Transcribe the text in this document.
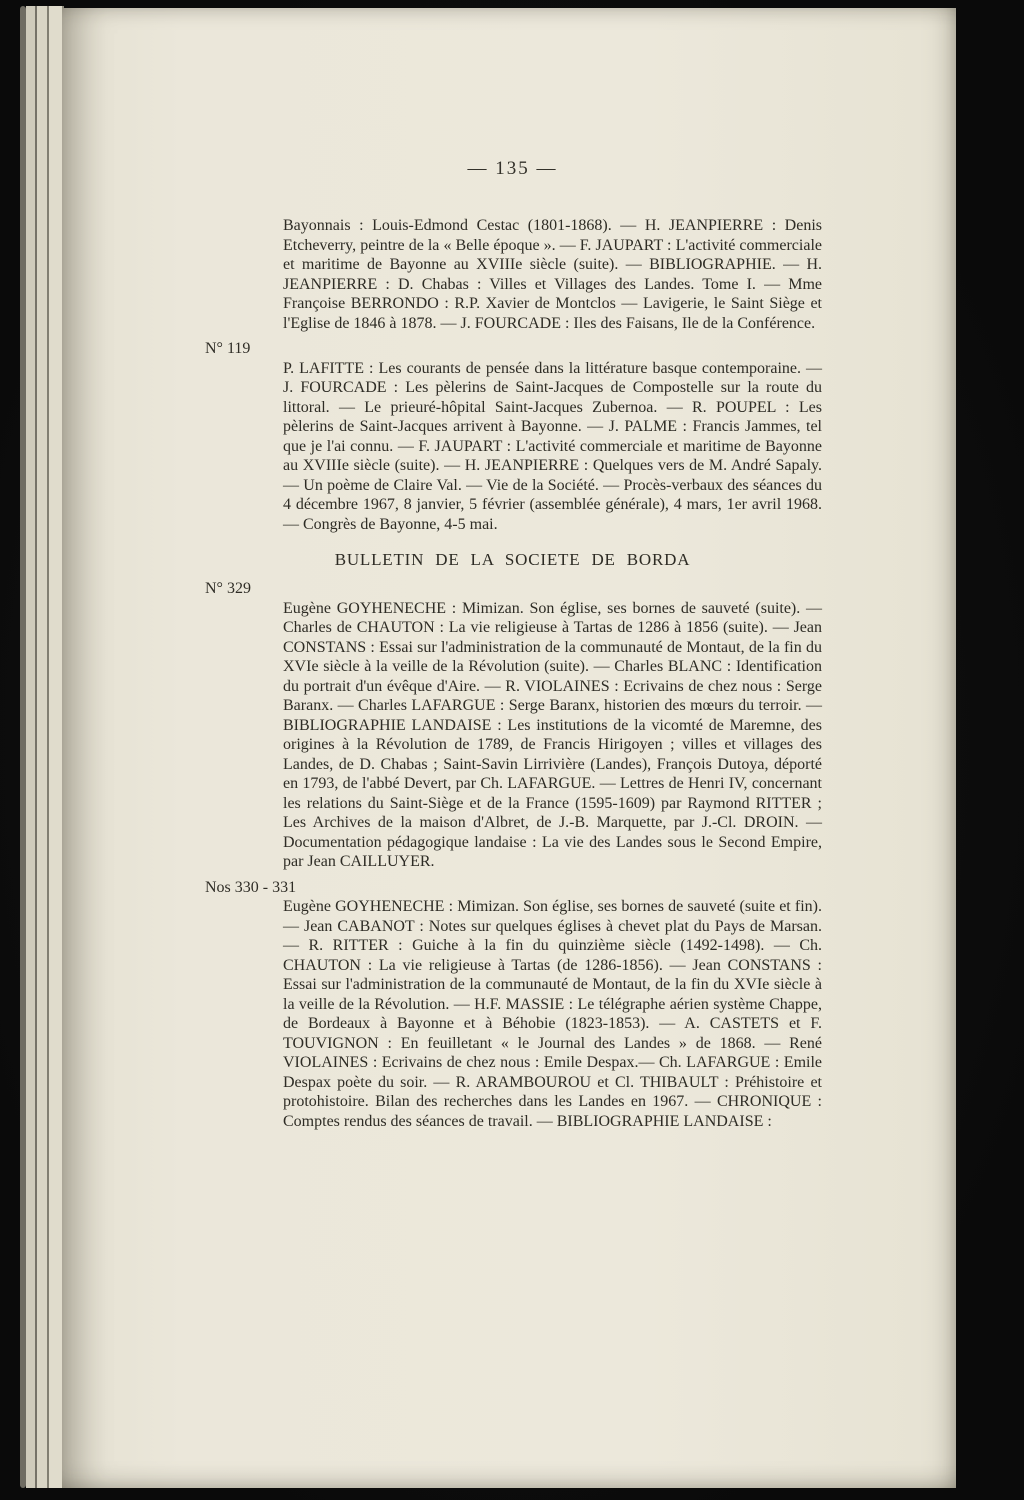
— 135 —

Bayonnais : Louis-Edmond Cestac (1801-1868). — H. JEANPIERRE : Denis Etcheverry, peintre de la « Belle époque ». — F. JAUPART : L'activité commerciale et maritime de Bayonne au XVIIIe siècle (suite). — BIBLIOGRAPHIE. — H. JEANPIERRE : D. Chabas : Villes et Villages des Landes. Tome I. — Mme Françoise BERRONDO : R.P. Xavier de Montclos — Lavigerie, le Saint Siège et l'Eglise de 1846 à 1878. — J. FOURCADE : Iles des Faisans, Ile de la Conférence.

N° 119

P. LAFITTE : Les courants de pensée dans la littérature basque contemporaine. — J. FOURCADE : Les pèlerins de Saint-Jacques de Compostelle sur la route du littoral. — Le prieuré-hôpital Saint-Jacques Zubernoa. — R. POUPEL : Les pèlerins de Saint-Jacques arrivent à Bayonne. — J. PALME : Francis Jammes, tel que je l'ai connu. — F. JAUPART : L'activité commerciale et maritime de Bayonne au XVIIIe siècle (suite). — H. JEANPIERRE : Quelques vers de M. André Sapaly. — Un poème de Claire Val. — Vie de la Société. — Procès-verbaux des séances du 4 décembre 1967, 8 janvier, 5 février (assemblée générale), 4 mars, 1er avril 1968. — Congrès de Bayonne, 4-5 mai.

BULLETIN DE LA SOCIETE DE BORDA
N° 329

Eugène GOYHENECHE : Mimizan. Son église, ses bornes de sauveté (suite). — Charles de CHAUTON : La vie religieuse à Tartas de 1286 à 1856 (suite). — Jean CONSTANS : Essai sur l'administration de la communauté de Montaut, de la fin du XVIe siècle à la veille de la Révolution (suite). — Charles BLANC : Identification du portrait d'un évêque d'Aire. — R. VIOLAINES : Ecrivains de chez nous : Serge Baranx. — Charles LAFARGUE : Serge Baranx, historien des mœurs du terroir. — BIBLIOGRAPHIE LANDAISE : Les institutions de la vicomté de Maremne, des origines à la Révolution de 1789, de Francis Hirigoyen ; villes et villages des Landes, de D. Chabas ; Saint-Savin Lirrivière (Landes), François Dutoya, déporté en 1793, de l'abbé Devert, par Ch. LAFARGUE. — Lettres de Henri IV, concernant les relations du Saint-Siège et de la France (1595-1609) par Raymond RITTER ; Les Archives de la maison d'Albret, de J.-B. Marquette, par J.-Cl. DROIN. — Documentation pédagogique landaise : La vie des Landes sous le Second Empire, par Jean CAILLUYER.

Nos 330 - 331

Eugène GOYHENECHE : Mimizan. Son église, ses bornes de sauveté (suite et fin). — Jean CABANOT : Notes sur quelques églises à chevet plat du Pays de Marsan. — R. RITTER : Guiche à la fin du quinzième siècle (1492-1498). — Ch. CHAUTON : La vie religieuse à Tartas (de 1286-1856). — Jean CONSTANS : Essai sur l'administration de la communauté de Montaut, de la fin du XVIe siècle à la veille de la Révolution. — H.F. MASSIE : Le télégraphe aérien système Chappe, de Bordeaux à Bayonne et à Béhobie (1823-1853). — A. CASTETS et F. TOUVIGNON : En feuilletant « le Journal des Landes » de 1868. — René VIOLAINES : Ecrivains de chez nous : Emile Despax.— Ch. LAFARGUE : Emile Despax poète du soir. — R. ARAMBOUROU et Cl. THIBAULT : Préhistoire et protohistoire. Bilan des recherches dans les Landes en 1967. — CHRONIQUE : Comptes rendus des séances de travail. — BIBLIOGRAPHIE LANDAISE :
